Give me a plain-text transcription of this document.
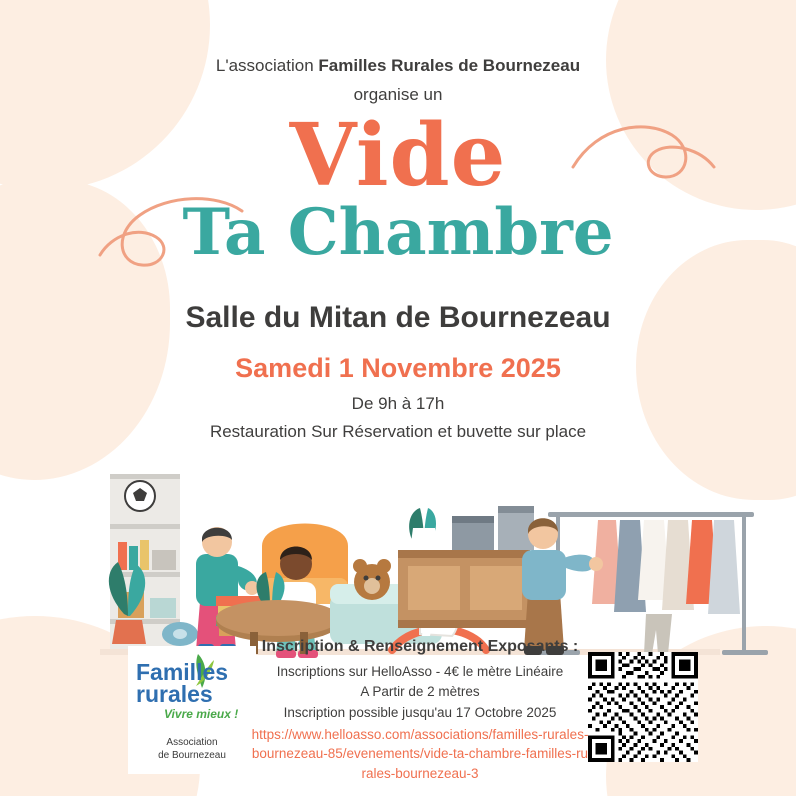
L'association Familles Rurales de Bournezeau
organise un
Vide
Ta Chambre
Salle du Mitan de Bournezeau
Samedi 1 Novembre 2025
De 9h à 17h
Restauration Sur Réservation et buvette sur place
Familles
rurales
Vivre mieux !
Association
de Bournezeau
Inscription & Renseignement Exposants :
Inscriptions sur HelloAsso - 4€ le mètre Linéaire
A Partir de 2 mètres
Inscription possible jusqu'au 17 Octobre 2025
https://www.helloasso.com/associations/familles-rurales-bournezeau-85/evenements/vide-ta-chambre-familles-rurales-bournezeau-3
